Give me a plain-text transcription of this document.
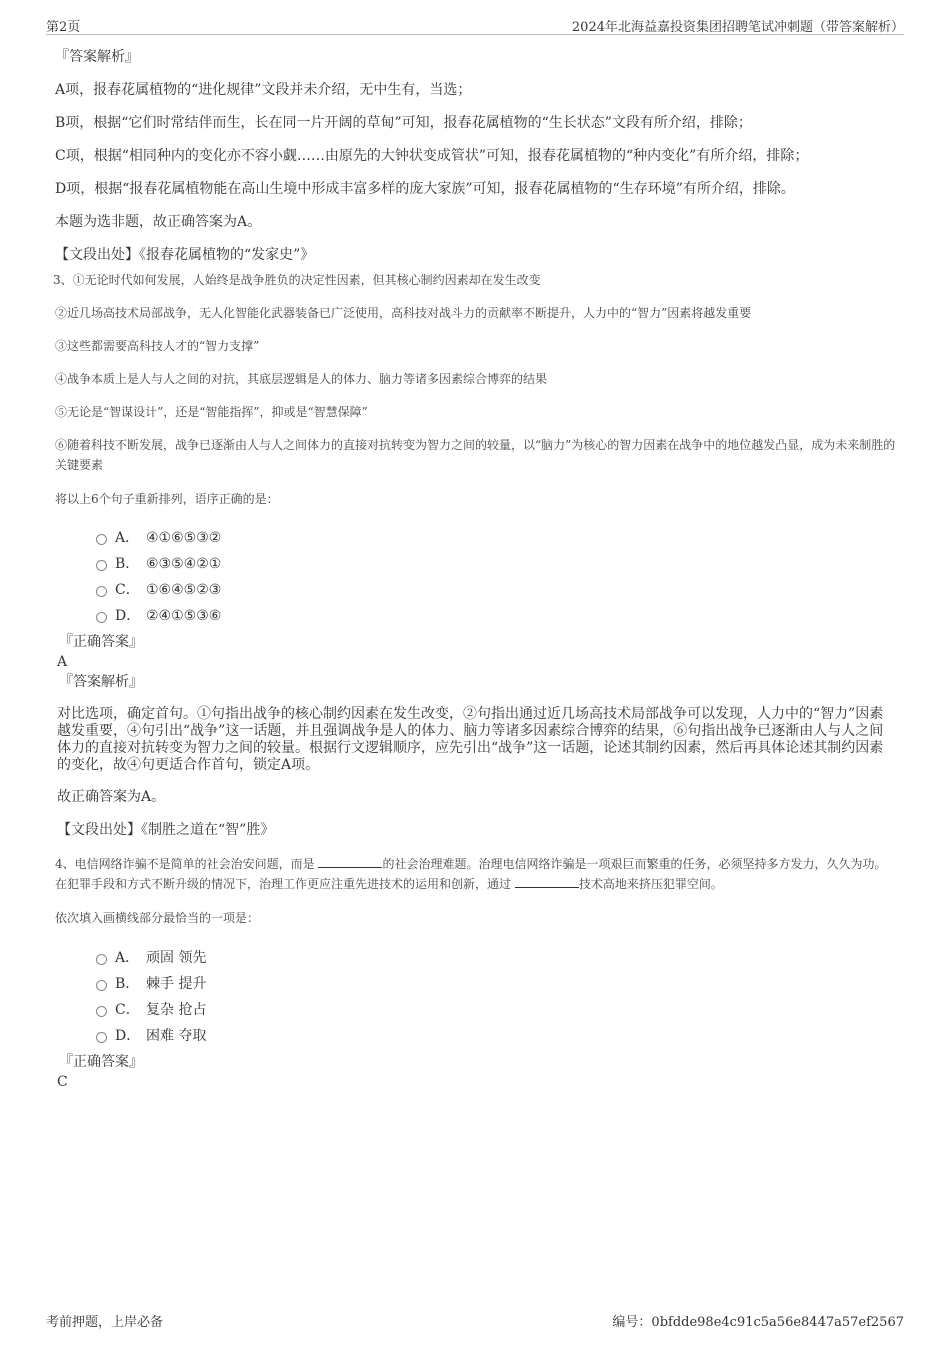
第2页	2024年北海益嘉投资集团招聘笔试冲刺题（带答案解析）

『答案解析』

A项，报春花属植物的“进化规律”文段并未介绍，无中生有，当选；

B项，根据“它们时常结伴而生，长在同一片开阔的草甸”可知，报春花属植物的“生长状态”文段有所介绍，排除；

C项，根据“相同种内的变化亦不容小觑……由原先的大钟状变成管状”可知，报春花属植物的“种内变化”有所介绍，排除；

D项，根据“报春花属植物能在高山生境中形成丰富多样的庞大家族”可知，报春花属植物的“生存环境”有所介绍，排除。

本题为选非题，故正确答案为A。

【文段出处】《报春花属植物的“发家史”》

3、①无论时代如何发展，人始终是战争胜负的决定性因素，但其核心制约因素却在发生改变

②近几场高技术局部战争，无人化智能化武器装备已广泛使用，高科技对战斗力的贡献率不断提升，人力中的“智力”因素将越发重要

③这些都需要高科技人才的“智力支撑”

④战争本质上是人与人之间的对抗，其底层逻辑是人的体力、脑力等诸多因素综合博弈的结果

⑤无论是“智谋设计”，还是“智能指挥”，抑或是“智慧保障”

⑥随着科技不断发展，战争已逐渐由人与人之间体力的直接对抗转变为智力之间的较量，以“脑力”为核心的智力因素在战争中的地位越发凸显，成为未来制胜的关键要素

将以上6个句子重新排列，语序正确的是：

A． ④①⑥⑤③②
B． ⑥③⑤④②①
C． ①⑥④⑤②③
D． ②④①⑤③⑥

『正确答案』

A

『答案解析』

对比选项，确定首句。①句指出战争的核心制约因素在发生改变，②句指出通过近几场高技术局部战争可以发现，人力中的“智力”因素越发重要，④句引出“战争”这一话题，并且强调战争是人的体力、脑力等诸多因素综合博弈的结果，⑥句指出战争已逐渐由人与人之间体力的直接对抗转变为智力之间的较量。根据行文逻辑顺序，应先引出“战争”这一话题，论述其制约因素，然后再具体论述其制约因素的变化，故④句更适合作首句，锁定A项。

故正确答案为A。

【文段出处】《制胜之道在“智”胜》

4、电信网络诈骗不是简单的社会治安问题，而是	的社会治理难题。治理电信网络诈骗是一项艰巨而繁重的任务，必须坚持多方发力，久久为功。在犯罪手段和方式不断升级的情况下，治理工作更应注重先进技术的运用和创新，通过	技术高地来挤压犯罪空间。

依次填入画横线部分最恰当的一项是：

A． 顽固 领先
B． 棘手 提升
C． 复杂 抢占
D． 困难 夺取

『正确答案』

C

考前押题，上岸必备	编号：0bfdde98e4c91c5a56e8447a57ef2567
